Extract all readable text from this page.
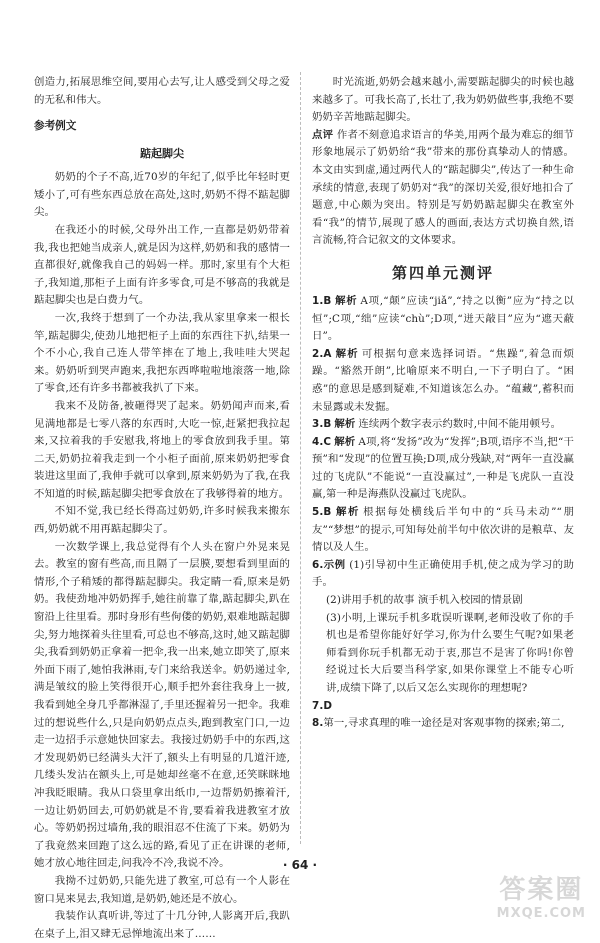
创造力,拓展思维空间,要用心去写,让人感受到父母之爱的无私和伟大。

参考例文
踮起脚尖

奶奶的个子不高,近70岁的年纪了,似乎比年轻时更矮小了,可有些东西总放在高处,这时,奶奶不得不踮起脚尖。

在我还小的时候,父母外出工作,一直都是奶奶带着我,我也把她当成亲人,就是因为这样,奶奶和我的感情一直都很好,就像我自己的妈妈一样。那时,家里有个大柜子,我知道,那柜子上面有许多零食,可是不够高的我就是踮起脚尖也是白费力气。

一次,我终于想到了一个办法,我从家里拿来一根长竿,踮起脚尖,使劲儿地把柜子上面的东西往下扒,结果一个不小心,我自己连人带竿摔在了地上,我哇哇大哭起来。奶奶听到哭声跑来,我把东西哗啦啦地滚落一地,除了零食,还有许多书都被我扒了下来。

我来不及防备,被砸得哭了起来。奶奶闻声而来,看见满地都是七零八落的东西时,大吃一惊,赶紧把我拉起来,又拉着我的手安慰我,将地上的零食放到我手里。第二天,奶奶拉着我走到一个小柜子面前,原来奶奶把零食装进这里面了,我伸手就可以拿到,原来奶奶为了我,在我不知道的时候,踮起脚尖把零食放在了我够得着的地方。

不知不觉,我已经长得高过奶奶,许多时候我来搬东西,奶奶就不用再踮起脚尖了。

一次数学课上,我总觉得有个人头在窗户外晃来晃去。教室的窗有些高,而且隔了一层膜,要想看到里面的情形,个子稍矮的都得踮起脚尖。我定睛一看,原来是奶奶。我使劲地冲奶奶挥手,她往前靠了靠,踮起脚尖,趴在窗沿上往里看。那时身形有些佝偻的奶奶,艰难地踮起脚尖,努力地探着头往里看,可总也不够高,这时,她又踮起脚尖,我看到奶奶正拿着一把伞,我一出来,她立即笑了,原来外面下雨了,她怕我淋雨,专门来给我送伞。奶奶递过伞,满是皱纹的脸上笑得很开心,顺手把外套往我身上一披,我看到她全身几乎都淋湿了,手里还握着另一把伞。我难过的想说些什么,只是向奶奶点点头,跑到教室门口,一边走一边招手示意她快回家去。我接过奶奶手中的东西,这才发现奶奶已经满头大汗了,额头上有明显的几道汗迹,几缕头发沾在额头上,可是她却丝毫不在意,还笑眯眯地冲我眨眼睛。我从口袋里拿出纸巾,一边帮奶奶擦着汗,一边让奶奶回去,可奶奶就是不肯,要看着我进教室才放心。等奶奶拐过墙角,我的眼泪忍不住流了下来。奶奶为了我竟然来回跑了这么远的路,看见了正在讲课的老师,她才放心地往回走,问我冷不冷,我说不冷。

我拗不过奶奶,只能先进了教室,可总有一个人影在窗口晃来晃去,我知道,是奶奶,她还是不放心。

我装作认真听讲,等过了十几分钟,人影离开后,我趴在桌子上,泪又肆无忌惮地流出来了……

时光流逝,奶奶会越来越小,需要踮起脚尖的时候也越来越多了。可我长高了,长壮了,我为奶奶做些事,我绝不要奶奶辛苦地踮起脚尖。

点评 作者不刻意追求语言的华美,用两个最为难忘的细节形象地展示了奶奶给“我”带来的那份真挚动人的情感。本文由实到虚,通过两代人的“踮起脚尖”,传达了一种生命承续的情意,表现了奶奶对“我”的深切关爱,很好地扣合了题意,中心颇为突出。特别是写奶奶踮起脚尖在教室外看“我”的情节,展现了感人的画面,表达方式切换自然,语言流畅,符合记叙文的文体要求。

第四单元测评

1.B 解析 A项,“颠”应读“jiǎ”,“持之以衡”应为“持之以恒”;C项,“绌”应读“chù”;D项,“迸天敲目”应为“遮天蔽日”。

2.A 解析 可根据句意来选择词语。“焦躁”,着急而烦躁。“豁然开朗”,比喻原来不明白,一下子明白了。“困惑”的意思是感到疑难,不知道该怎么办。“蕴藏”,蓄积而未显露或未发掘。

3.B 解析 连续两个数字表示约数时,中间不能用顿号。

4.C 解析 A项,将“发扬”改为“发挥”;B项,语序不当,把“干预”和“发现”的位置互换;D项,成分残缺,对“两年一直没赢过的飞虎队”不能说“一直没赢过”,一种是飞虎队一直没赢,第一种是海燕队没赢过飞虎队。

5.B 解析 根据每处横线后半句中的“兵马未动”“朋友”“梦想”的提示,可知每处前半句中依次讲的是粮草、友情以及人生。

6.示例 (1)引导初中生正确使用手机,使之成为学习的助手。

(2)讲用手机的故事 演手机入校园的情景剧

(3)小明,上课玩手机多耽误听课啊,老师没收了你的手机也是希望你能好好学习,你为什么要生气呢?如果老师看到你玩手机都无动于衷,那岂不是害了你吗!你曾经说过长大后要当科学家,如果你课堂上不能专心听讲,成绩下降了,以后又怎么实现你的理想呢?

7.D

8.第一,寻求真理的唯一途径是对客观事物的探索;第二,

· 64 ·
答案圈
MXQE.COM
